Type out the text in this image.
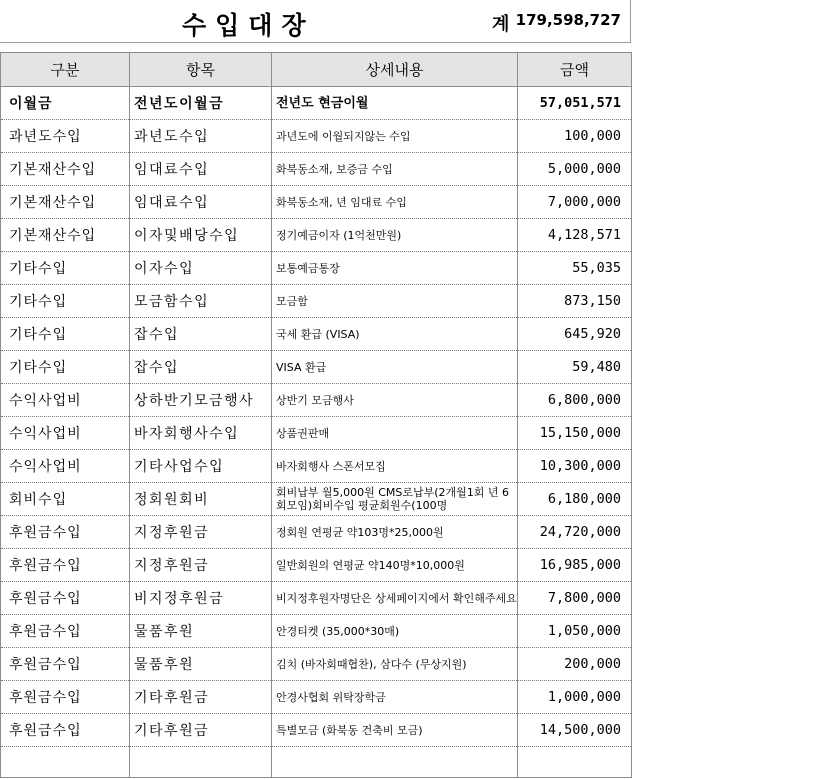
수입대장	계 179,598,727
구분	항목	상세내용	금액
이월금	전년도이월금	전년도 현금이월	57,051,571
과년도수입	과년도수입	과년도에 이월되지않는 수입	100,000
기본재산수입	임대료수입	화북동소재, 보증금 수입	5,000,000
기본재산수입	임대료수입	화북동소재, 년 임대료 수입	7,000,000
기본재산수입	이자및배당수입	정기예금이자 (1억천만원)	4,128,571
기타수입	이자수입	보통예금통장	55,035
기타수입	모금함수입	모금함	873,150
기타수입	잡수입	국세 환급 (VISA)	645,920
기타수입	잡수입	VISA 환급	59,480
수익사업비	상하반기모금행사	상반기 모금행사	6,800,000
수익사업비	바자회행사수입	상품권판매	15,150,000
수익사업비	기타사업수입	바자회행사 스폰서모집	10,300,000
회비수입	정회원회비	회비납부 월5,000원 CMS로납부(2개월1회 년 6회모임)회비수입 평균회원수(100명	6,180,000
후원금수입	지정후원금	정회원 연평균 약103명*25,000원	24,720,000
후원금수입	지정후원금	일반회원의 연평균 약140명*10,000원	16,985,000
후원금수입	비지정후원금	비지정후원자명단은 상세페이지에서 확인해주세요	7,800,000
후원금수입	물품후원	안경티켓 (35,000*30매)	1,050,000
후원금수입	물품후원	김치 (바자회때협찬), 삼다수 (무상지원)	200,000
후원금수입	기타후원금	안경사협회 위탁장학금	1,000,000
후원금수입	기타후원금	특별모금 (화북동 건축비 모금)	14,500,000
